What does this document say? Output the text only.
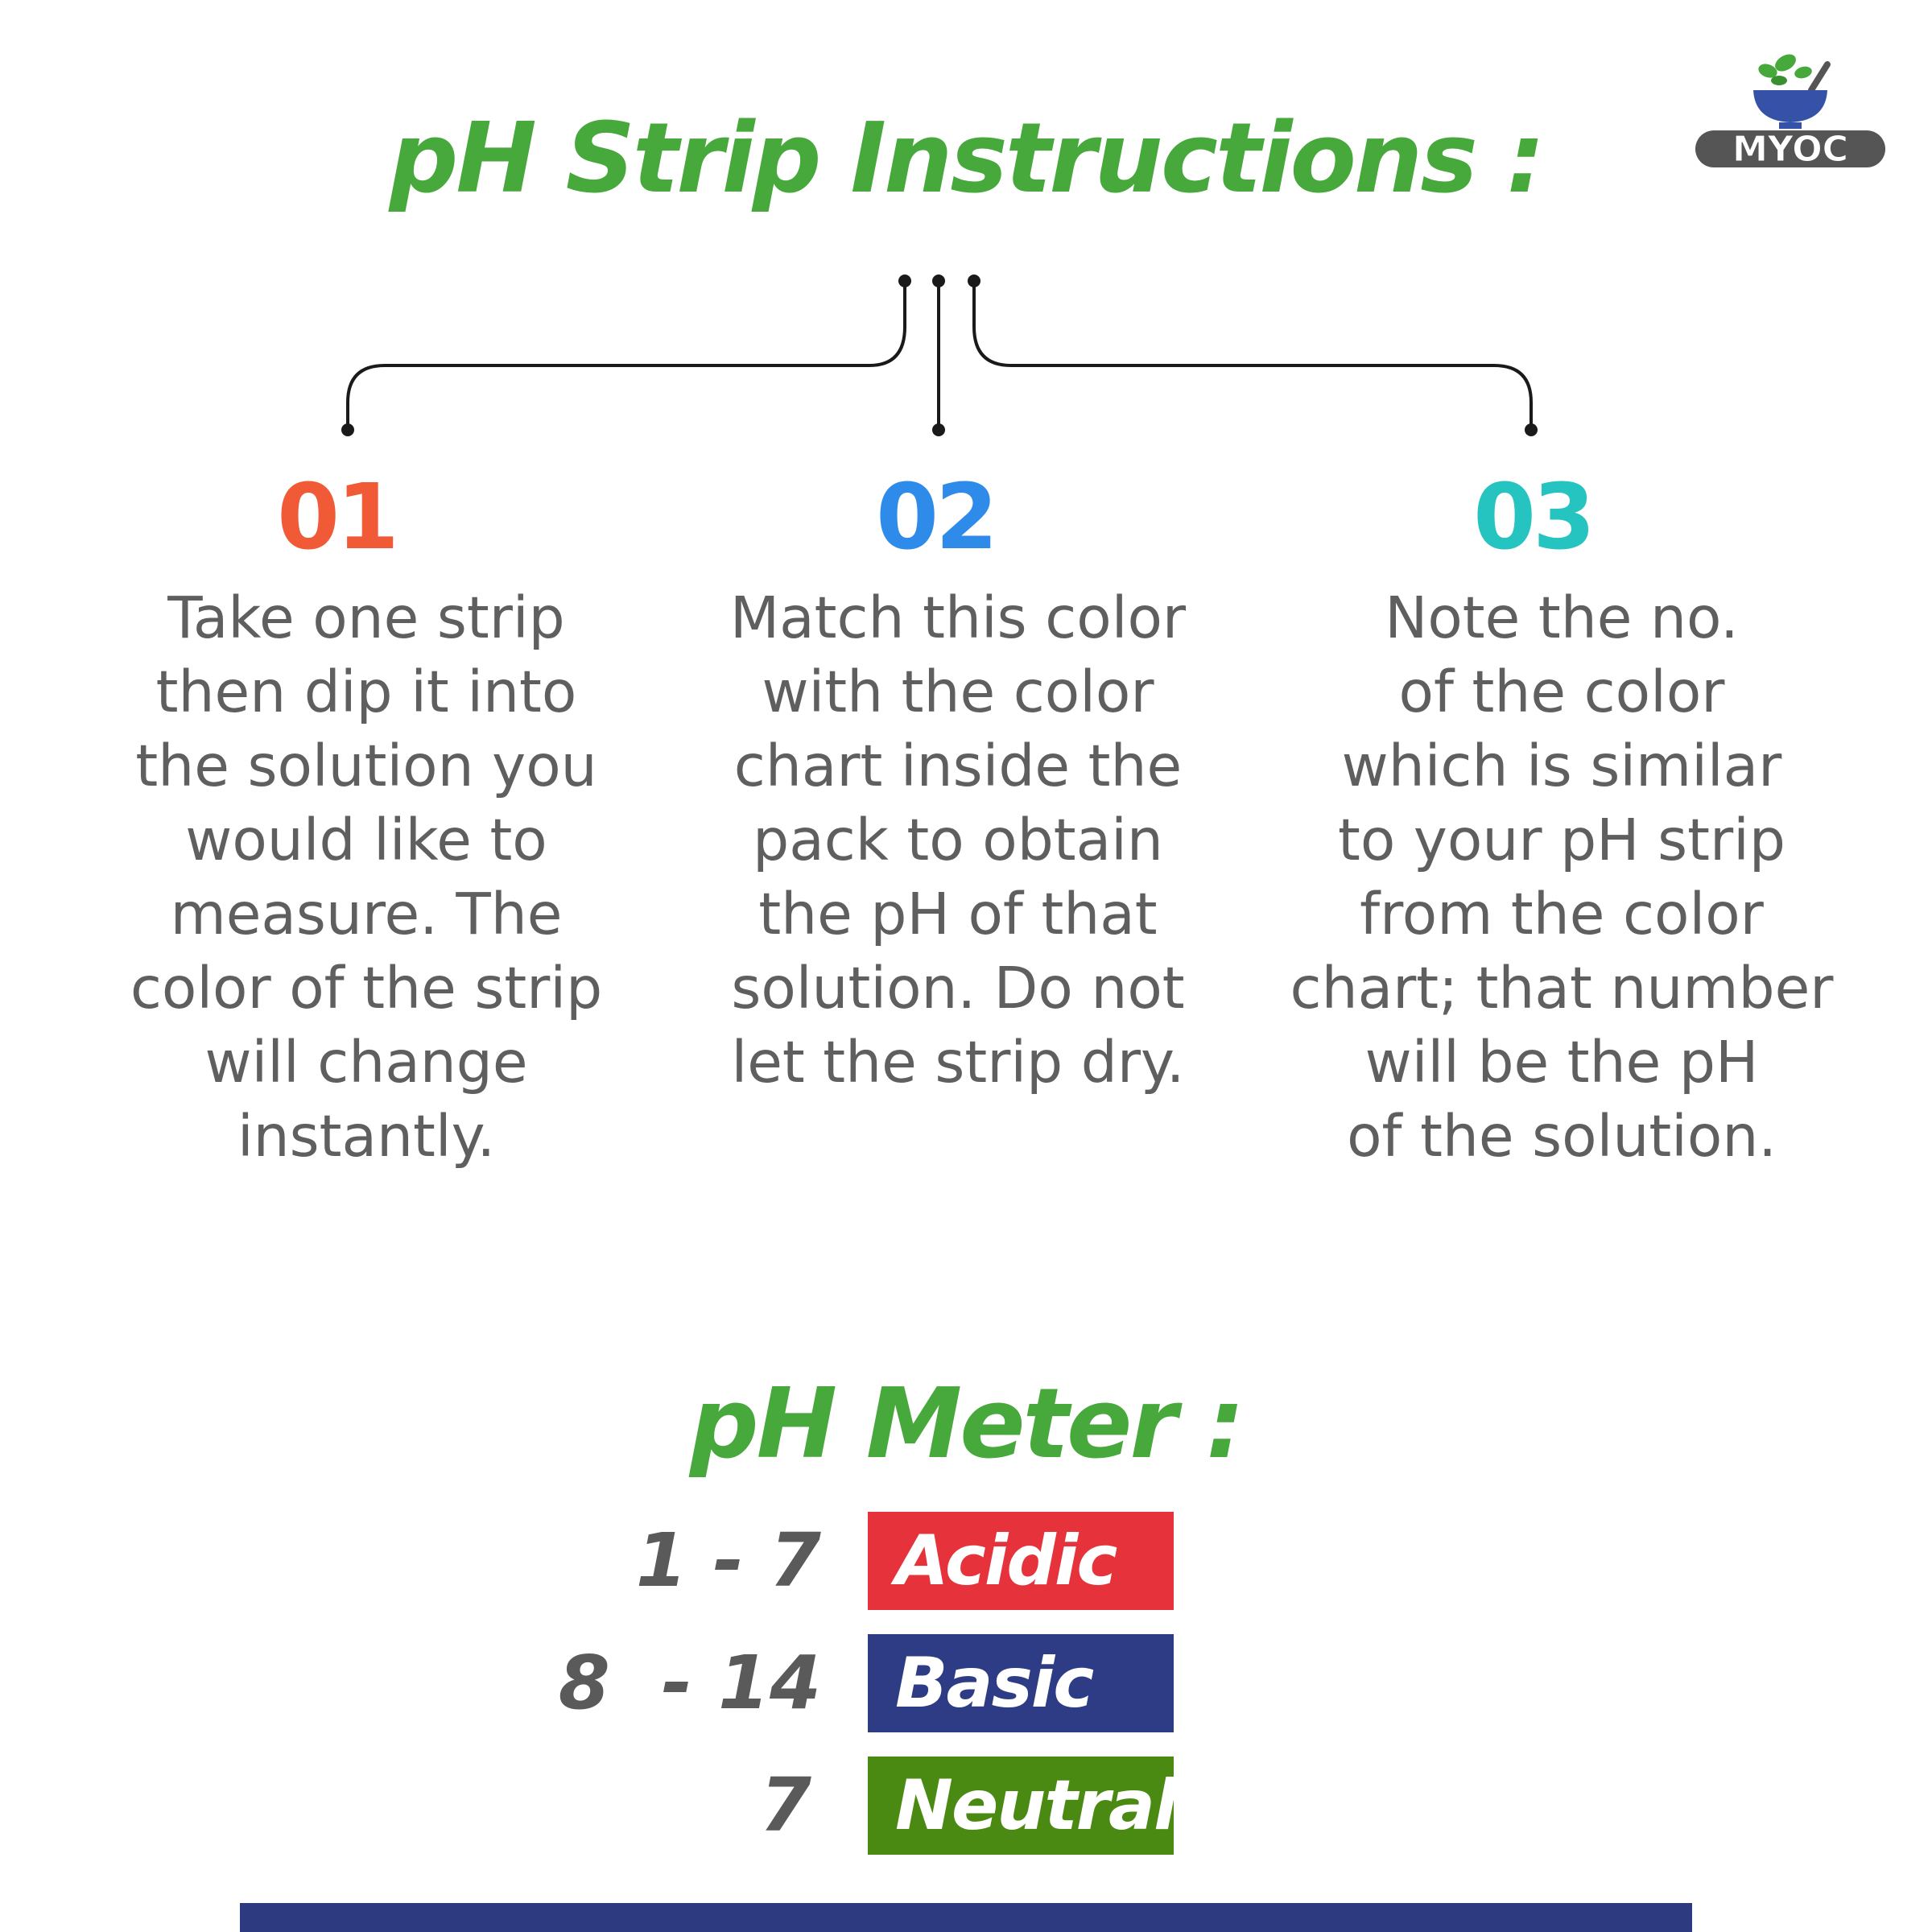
MYOC
pH Strip Instructions :
01	02	03
Take one strip
then dip it into
the solution you
would like to
measure. The
color of the strip
will change
instantly.
Match this color
with the color
chart inside the
pack to obtain
the pH of that
solution. Do not
let the strip dry.
Note the no.
of the color
which is similar
to your pH strip
from the color
chart; that number
will be the pH
of the solution.
pH Meter :
1 - 7	Acidic
8  - 14	Basic
7	Neutral
